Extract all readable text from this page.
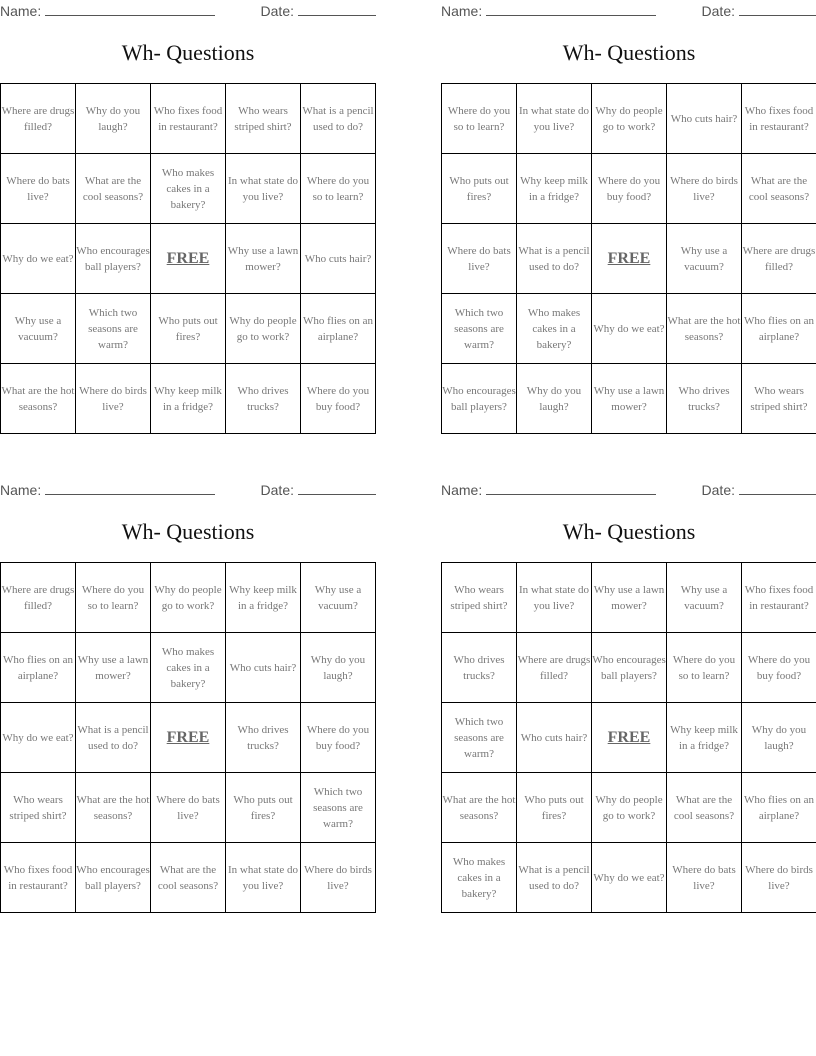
Name:	Date:
Wh- Questions
Where are drugs filled?	Why do you laugh?	Who fixes food in restaurant?	Who wears striped shirt?	What is a pencil used to do?
Where do bats live?	What are the cool seasons?	Who makes cakes in a bakery?	In what state do you live?	Where do you so to learn?
Why do we eat?	Who encourages ball players?	FREE	Why use a lawn mower?	Who cuts hair?
Why use a vacuum?	Which two seasons are warm?	Who puts out fires?	Why do people go to work?	Who flies on an airplane?
What are the hot seasons?	Where do birds live?	Why keep milk in a fridge?	Who drives trucks?	Where do you buy food?
Name:	Date:
Wh- Questions
Where do you so to learn?	In what state do you live?	Why do people go to work?	Who cuts hair?	Who fixes food in restaurant?
Who puts out fires?	Why keep milk in a fridge?	Where do you buy food?	Where do birds live?	What are the cool seasons?
Where do bats live?	What is a pencil used to do?	FREE	Why use a vacuum?	Where are drugs filled?
Which two seasons are warm?	Who makes cakes in a bakery?	Why do we eat?	What are the hot seasons?	Who flies on an airplane?
Who encourages ball players?	Why do you laugh?	Why use a lawn mower?	Who drives trucks?	Who wears striped shirt?
Name:	Date:
Wh- Questions
Where are drugs filled?	Where do you so to learn?	Why do people go to work?	Why keep milk in a fridge?	Why use a vacuum?
Who flies on an airplane?	Why use a lawn mower?	Who makes cakes in a bakery?	Who cuts hair?	Why do you laugh?
Why do we eat?	What is a pencil used to do?	FREE	Who drives trucks?	Where do you buy food?
Who wears striped shirt?	What are the hot seasons?	Where do bats live?	Who puts out fires?	Which two seasons are warm?
Who fixes food in restaurant?	Who encourages ball players?	What are the cool seasons?	In what state do you live?	Where do birds live?
Name:	Date:
Wh- Questions
Who wears striped shirt?	In what state do you live?	Why use a lawn mower?	Why use a vacuum?	Who fixes food in restaurant?
Who drives trucks?	Where are drugs filled?	Who encourages ball players?	Where do you so to learn?	Where do you buy food?
Which two seasons are warm?	Who cuts hair?	FREE	Why keep milk in a fridge?	Why do you laugh?
What are the hot seasons?	Who puts out fires?	Why do people go to work?	What are the cool seasons?	Who flies on an airplane?
Who makes cakes in a bakery?	What is a pencil used to do?	Why do we eat?	Where do bats live?	Where do birds live?
